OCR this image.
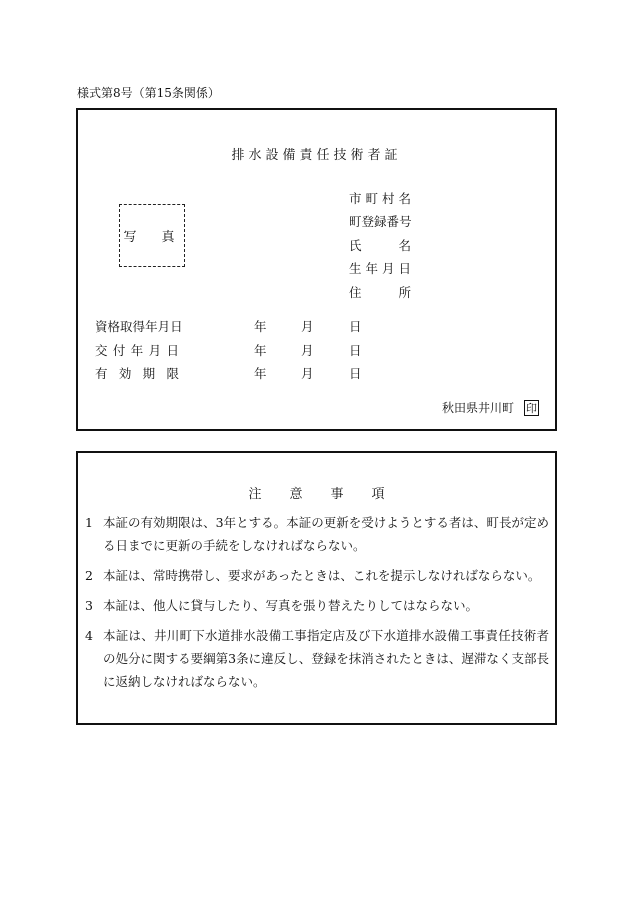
様式第8号（第15条関係）
排水設備責任技術者証
写　真
市 町 村 名
町 登 録 番 号
氏	名
生 年 月 日
住	所
資 格 取 得 年 月 日	年	月	日
交 付 年 月 日	年	月	日
有 効 期 限	年	月	日
秋田県井川町 印
注意事項
1 本証の有効期限は、3年とする。本証の更新を受けようとする者は、町長が定める日までに更新の手続をしなければならない。
2 本証は、常時携帯し、要求があったときは、これを提示しなければならない。
3 本証は、他人に貸与したり、写真を張り替えたりしてはならない。
4 本証は、井川町下水道排水設備工事指定店及び下水道排水設備工事責任技術者の処分に関する要綱第3条に違反し、登録を抹消されたときは、遅滞なく支部長に返納しなければならない。
